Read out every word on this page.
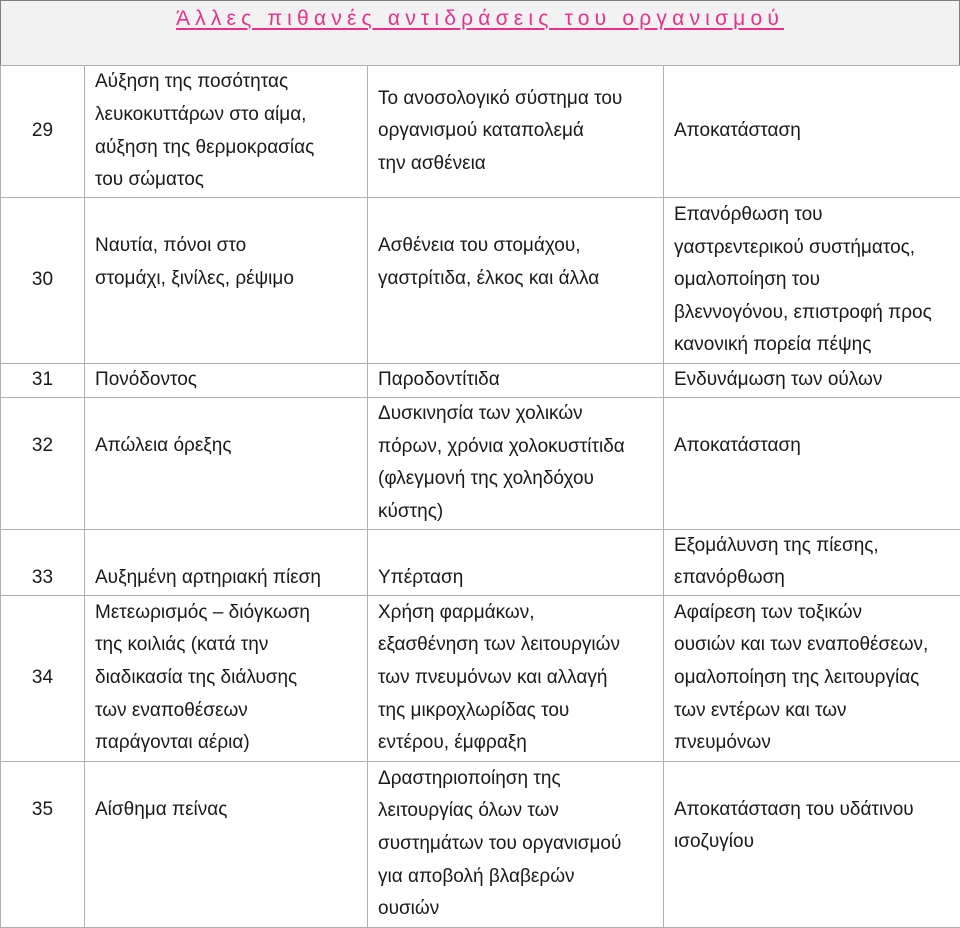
Άλλες πιθανές αντιδράσεις του οργανισμού
29	Αύξηση της ποσότητας
λευκοκυττάρων στο αίμα,
αύξηση της θερμοκρασίας
του σώματος	Το ανοσολογικό σύστημα του
οργανισμού καταπολεμά
την ασθένεια	Αποκατάσταση

30	Ναυτία, πόνοι στο
στομάχι, ξινίλες, ρέψιμο	Ασθένεια του στομάχου,
γαστρίτιδα, έλκος και άλλα	Επανόρθωση του
γαστρεντερικού συστήματος,
ομαλοποίηση του
βλεννογόνου, επιστροφή προς
κανονική πορεία πέψης

31	Πονόδοντος	Παροδοντίτιδα	Ενδυνάμωση των ούλων

32	Απώλεια όρεξης	Δυσκινησία των χολικών
πόρων, χρόνια χολοκυστίτιδα
(φλεγμονή της χοληδόχου
κύστης)	Αποκατάσταση

33	Αυξημένη αρτηριακή πίεση	Υπέρταση	Εξομάλυνση της πίεσης,
επανόρθωση

34	Μετεωρισμός – διόγκωση
της κοιλιάς (κατά την
διαδικασία της διάλυσης
των εναποθέσεων
παράγονται αέρια)	Χρήση φαρμάκων,
εξασθένηση των λειτουργιών
των πνευμόνων και αλλαγή
της μικροχλωρίδας του
εντέρου, έμφραξη	Αφαίρεση των τοξικών
ουσιών και των εναποθέσεων,
ομαλοποίηση της λειτουργίας
των εντέρων και των
πνευμόνων

35	Αίσθημα πείνας	Δραστηριοποίηση της
λειτουργίας όλων των
συστημάτων του οργανισμού
για αποβολή βλαβερών
ουσιών	Αποκατάσταση του υδάτινου
ισοζυγίου
